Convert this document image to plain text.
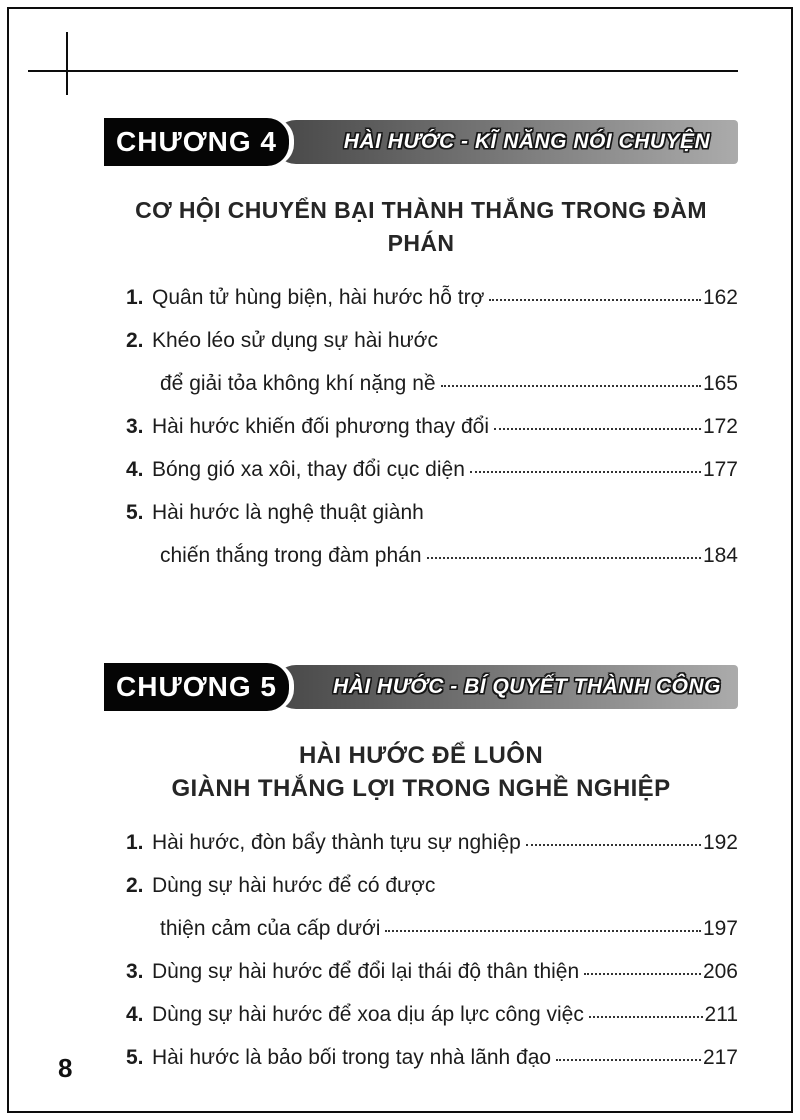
CHƯƠNG 4	HÀI HƯỚC - KĨ NĂNG NÓI CHUYỆN
CƠ HỘI CHUYỂN BẠI THÀNH THẮNG TRONG ĐÀM PHÁN
1. Quân tử hùng biện, hài hước hỗ trợ	162
2. Khéo léo sử dụng sự hài hước
để giải tỏa không khí nặng nề	165
3. Hài hước khiến đối phương thay đổi	172
4. Bóng gió xa xôi, thay đổi cục diện	177
5. Hài hước là nghệ thuật giành
chiến thắng trong đàm phán	184
CHƯƠNG 5	HÀI HƯỚC - BÍ QUYẾT THÀNH CÔNG
HÀI HƯỚC ĐỂ LUÔN
GIÀNH THẮNG LỢI TRONG NGHỀ NGHIỆP
1. Hài hước, đòn bẩy thành tựu sự nghiệp	192
2. Dùng sự hài hước để có được
thiện cảm của cấp dưới	197
3. Dùng sự hài hước để đổi lại thái độ thân thiện	206
4. Dùng sự hài hước để xoa dịu áp lực công việc	211
5. Hài hước là bảo bối trong tay nhà lãnh đạo	217
8
